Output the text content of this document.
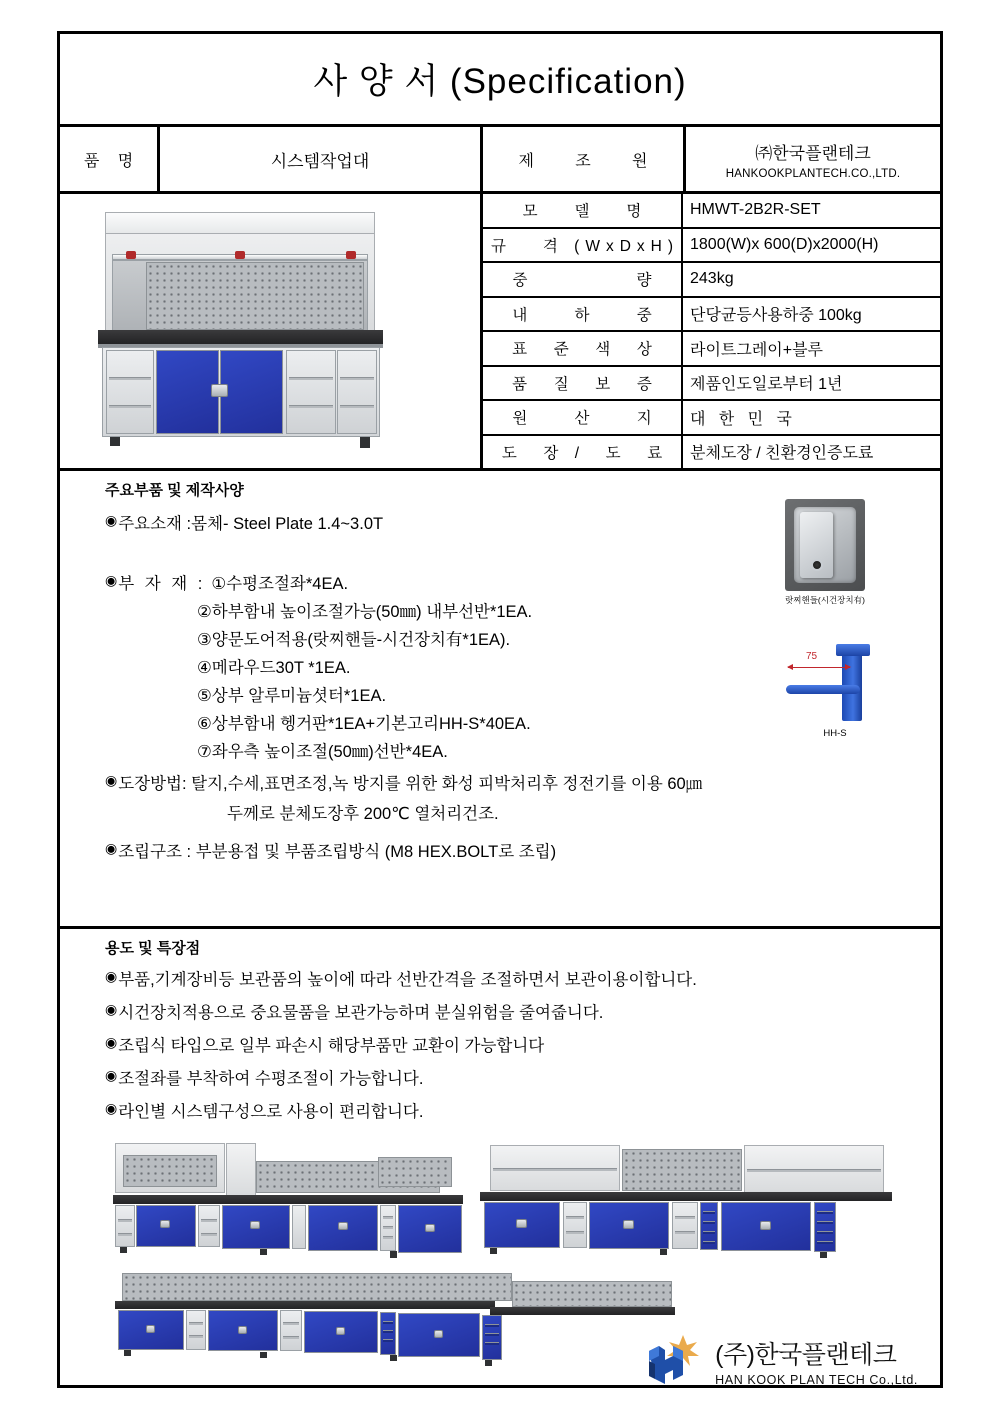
사 양 서 (Specification)
품 명	시스템작업대	제   조   원	㈜한국플랜테크
HANKOOKPLANTECH.CO.,LTD.
모   델   명	HMWT-2B2R-SET
규   격 (WxDxH) 1800(W)x 600(D)x2000(H)
중          량	243kg
내    하    중	단당균등사용하중 100kg
표  준  색  상	라이트그레이+블루
품  질  보  증	제품인도일로부터 1년
원    산    지	대   한   민   국
도  장 /  도  료	분체도장 / 친환경인증도료
주요부품 및 제작사양
◉ 주요소재 :몸체- Steel Plate 1.4~3.0T
◉ 부 자 재 : ①수평조절좌*4EA.
②하부함내 높이조절가능(50㎜) 내부선반*1EA.
③양문도어적용(랏찌핸들-시건장치有*1EA).
④메라우드30T *1EA.
⑤상부 알루미늄셧터*1EA.
⑥상부함내 헹거판*1EA+기본고리HH-S*40EA.
⑦좌우측 높이조절(50㎜)선반*4EA.
◉ 도장방법: 탈지,수세,표면조정,녹 방지를 위한 화성 피박처리후 정전기를 이용 60㎛
두께로 분체도장후 200℃ 열처리건조.
◉ 조립구조 : 부분용접 및 부품조립방식 (M8 HEX.BOLT로 조립)
랏찌핸들(시건장치有)
75
HH-S
용도 및 특장점
◉ 부품,기계장비등 보관품의 높이에 따라 선반간격을 조절하면서 보관이용이합니다.
◉ 시건장치적용으로 중요물품을 보관가능하며 분실위험을 줄여줍니다.
◉ 조립식 타입으로 일부 파손시 해당부품만 교환이 가능합니다
◉ 조절좌를 부착하여 수평조절이 가능합니다.
◉ 라인별 시스템구성으로 사용이 편리합니다.
(주)한국플랜테크
HAN KOOK PLAN TECH Co.,Ltd.
